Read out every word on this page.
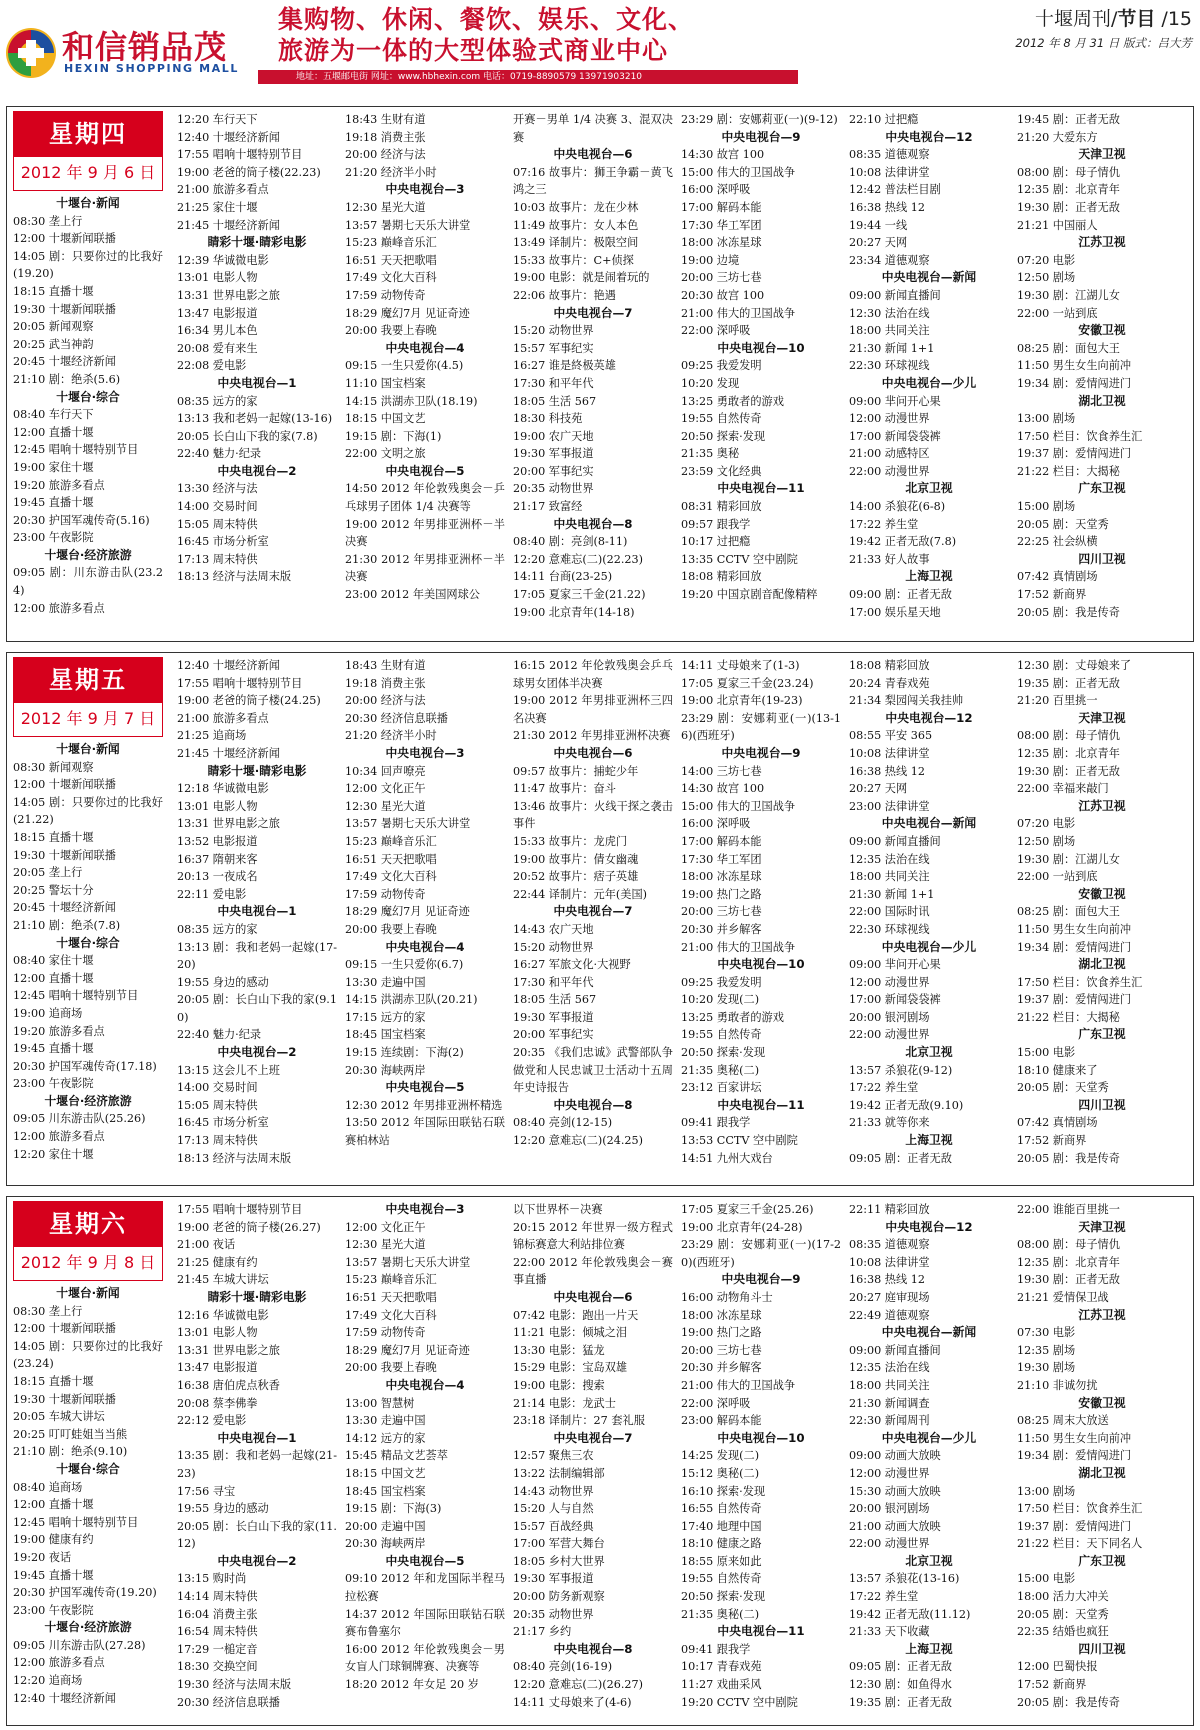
和信销品茂
HEXIN SHOPPING MALL
集购物、休闲、餐饮、娱乐、文化、
旅游为一体的大型体验式商业中心
地址：五堰邮电街 网址：www.hbhexin.com 电话：0719-8890579 13971903210
十堰周刊/节目 /15
2012 年 8 月 31 日 版式：吕大芳
星期四
2012 年 9 月 6 日
十堰台·新闻
08:30 垄上行
12:00 十堰新闻联播
14:05 剧：只要你过的比我好(19.20)
18:15 直播十堰
19:30 十堰新闻联播
20:05 新闻观察
20:25 武当神韵
20:45 十堰经济新闻
21:10 剧：绝杀(5.6)
十堰台·综合
08:40 车行天下
12:00 直播十堰
12:45 唱响十堰特别节目
19:00 家住十堰
19:20 旅游多看点
19:45 直播十堰
20:30 护国军魂传奇(5.16)
23:00 午夜影院
十堰台·经济旅游
09:05 剧：川东游击队(23.24)
12:00 旅游多看点
12:20 车行天下
12:40 十堰经济新闻
17:55 唱响十堰特别节目
19:00 老爸的筒子楼(22.23)
21:00 旅游多看点
21:25 家住十堰
21:45 十堰经济新闻
睛彩十堰·睛彩电影
12:39 华诚微电影
13:01 电影人物
13:31 世界电影之旅
13:47 电影报道
16:34 男儿本色
20:08 爱有来生
22:08 爱电影
中央电视台—1
08:35 远方的家
13:13 我和老妈一起嫁(13-16)
20:05 长白山下我的家(7.8)
22:40 魅力·纪录
中央电视台—2
13:30 经济与法
14:00 交易时间
15:05 周末特供
16:45 市场分析室
17:13 周末特供
18:13 经济与法周末版
18:43 生财有道
19:18 消费主张
20:00 经济与法
21:20 经济半小时
中央电视台—3
12:30 星光大道
13:57 暑期七天乐大讲堂
15:23 巅峰音乐汇
16:51 天天把歌唱
17:49 文化大百科
17:59 动物传奇
18:29 魔幻7月 见证奇迹
20:00 我要上春晚
中央电视台—4
09:15 一生只爱你(4.5)
11:10 国宝档案
14:15 洪湖赤卫队(18.19)
18:15 中国文艺
19:15 剧：下海(1)
22:00 文明之旅
中央电视台—5
14:50 2012 年伦敦残奥会－乒乓球男子团体 1/4 决赛等
19:00 2012 年男排亚洲杯－半决赛
21:30 2012 年男排亚洲杯－半决赛
23:00 2012 年美国网球公
开赛－男单 1/4 决赛 3、混双决赛
中央电视台—6
07:16 故事片：狮王争霸－黄飞鸿之三
10:03 故事片：龙在少林
11:49 故事片：女人本色
13:49 译制片：极限空间
15:33 故事片：C+侦探
19:00 电影：就是闹着玩的
22:06 故事片：艳遇
中央电视台—7
15:20 动物世界
15:57 军事纪实
16:27 谁是終极英雄
17:30 和平年代
18:05 生活 567
18:30 科技苑
19:00 农广天地
19:30 军事报道
20:00 军事纪实
20:35 动物世界
21:17 致富经
中央电视台—8
08:40 剧：亮剑(8-11)
12:20 意难忘(二)(22.23)
14:11 台商(23-25)
17:05 夏家三千金(21.22)
19:00 北京青年(14-18)
23:29 剧：安娜莉亚(一)(9-12)
中央电视台—9
14:30 故宫 100
15:00 伟大的卫国战争
16:00 深呼吸
17:00 解码本能
17:30 华工军团
18:00 冰冻星球
19:00 边境
20:00 三坊七巷
20:30 故宫 100
21:00 伟大的卫国战争
22:00 深呼吸
中央电视台—10
09:25 我爱发明
10:20 发现
13:25 勇敢者的游戏
19:55 自然传奇
20:50 探索·发现
21:35 奥秘
23:59 文化经典
中央电视台—11
08:31 精彩回放
09:57 跟我学
10:17 过把瘾
13:35 CCTV 空中剧院
18:08 精彩回放
19:20 中国京剧音配像精粹
22:10 过把瘾
中央电视台—12
08:35 道德观察
10:08 法律讲堂
12:42 普法栏目剧
16:38 热线 12
19:44 一线
20:27 天网
23:34 道德观察
中央电视台—新闻
09:00 新闻直播间
12:30 法治在线
18:00 共同关注
21:30 新闻 1+1
22:30 环球视线
中央电视台—少儿
09:00 芈问开心果
12:00 动漫世界
17:00 新闻袋袋裤
21:00 动感特区
22:00 动漫世界
北京卫视
14:00 杀狼花(6-8)
17:22 养生堂
19:42 正者无敌(7.8)
21:33 好人故事
上海卫视
09:00 剧：正者无敌
17:00 娱乐星天地
19:45 剧：正者无敌
21:20 大爱东方
天津卫视
08:00 剧：母子情仇
12:35 剧：北京青年
19:30 剧：正者无敌
21:21 中国丽人
江苏卫视
07:20 电影
12:50 剧场
19:30 剧：江湖儿女
22:00 一站到底
安徽卫视
08:25 剧：面包大王
11:50 男生女生向前冲
19:34 剧：爱情闯进门
湖北卫视
13:00 剧场
17:50 栏目：饮食养生汇
19:37 剧：爱情闯进门
21:22 栏目：大揭秘
广东卫视
15:00 剧场
20:05 剧：天堂秀
22:25 社会纵横
四川卫视
07:42 真情剧场
17:52 新商界
20:05 剧：我是传奇
星期五
2012 年 9 月 7 日
十堰台·新闻
08:30 新闻观察
12:00 十堰新闻联播
14:05 剧：只要你过的比我好(21.22)
18:15 直播十堰
19:30 十堰新闻联播
20:05 垄上行
20:25 警坛十分
20:45 十堰经济新闻
21:10 剧：绝杀(7.8)
十堰台·综合
08:40 家住十堰
12:00 直播十堰
12:45 唱响十堰特别节目
19:00 追商场
19:20 旅游多看点
19:45 直播十堰
20:30 护国军魂传奇(17.18)
23:00 午夜影院
十堰台·经济旅游
09:05 川东游击队(25.26)
12:00 旅游多看点
12:20 家住十堰
12:40 十堰经济新闻
17:55 唱响十堰特别节目
19:00 老爸的筒子楼(24.25)
21:00 旅游多看点
21:25 追商场
21:45 十堰经济新闻
睛彩十堰·睛彩电影
12:18 华诚微电影
13:01 电影人物
13:31 世界电影之旅
13:52 电影报道
16:37 隋朝来客
20:13 一夜成名
22:11 爱电影
中央电视台—1
08:35 远方的家
13:13 剧：我和老妈一起嫁(17-20)
19:55 身边的感动
20:05 剧：长白山下我的家(9.10)
22:40 魅力·纪录
中央电视台—2
13:15 这会儿不上班
14:00 交易时间
15:05 周末特供
16:45 市场分析室
17:13 周末特供
18:13 经济与法周末版
18:43 生财有道
19:18 消费主张
20:00 经济与法
20:30 经济信息联播
21:20 经济半小时
中央电视台—3
10:34 回声嘹亮
12:00 文化正午
12:30 星光大道
13:57 暑期七天乐大讲堂
15:23 巅峰音乐汇
16:51 天天把歌唱
17:49 文化大百科
17:59 动物传奇
18:29 魔幻7月 见证奇迹
20:00 我要上春晚
中央电视台—4
09:15 一生只爱你(6.7)
13:30 走遍中国
14:15 洪湖赤卫队(20.21)
17:15 远方的家
18:45 国宝档案
19:15 连续剧：下海(2)
20:30 海峡两岸
中央电视台—5
12:30 2012 年男排亚洲杯精选
13:50 2012 年国际田联钻石联赛柏林站
16:15 2012 年伦敦残奥会乒乓球男女团体半决赛
19:00 2012 年男排亚洲杯三四名决赛
21:30 2012 年男排亚洲杯决赛
中央电视台—6
09:57 故事片：捕蛇少年
11:47 故事片：奋斗
13:46 故事片：火线干探之袭击事件
15:33 故事片：龙虎门
19:00 故事片：倩女幽魂
20:52 故事片：痞子英雄
22:44 译制片：元年(美国)
中央电视台—7
14:43 农广天地
15:20 动物世界
16:27 军旅文化·大视野
17:30 和平年代
18:05 生活 567
19:30 军事报道
20:00 军事纪实
20:35 《我们忠诚》武警部队争做党和人民忠诚卫士活动十五周年史诗报告
中央电视台—8
08:40 亮剑(12-15)
12:20 意难忘(二)(24.25)
14:11 丈母娘来了(1-3)
17:05 夏家三千金(23.24)
19:00 北京青年(19-23)
23:29 剧：安娜莉亚(一)(13-16)(西班牙)
中央电视台—9
14:00 三坊七巷
14:30 故宫 100
15:00 伟大的卫国战争
16:00 深呼吸
17:00 解码本能
17:30 华工军团
18:00 冰冻星球
19:00 热门之路
20:00 三坊七巷
20:30 并乡解客
21:00 伟大的卫国战争
中央电视台—10
09:25 我爱发明
10:20 发现(二)
13:25 勇敢者的游戏
19:55 自然传奇
20:50 探索·发现
21:35 奥秘(二)
23:12 百家讲坛
中央电视台—11
09:41 跟我学
13:53 CCTV 空中剧院
14:51 九州大戏台
18:08 精彩回放
20:24 青春戏苑
21:34 梨园闯关我挂帅
中央电视台—12
08:55 平安 365
10:08 法律讲堂
16:38 热线 12
20:27 天网
23:00 法律讲堂
中央电视台—新闻
09:00 新闻直播间
12:35 法治在线
18:00 共同关注
21:30 新闻 1+1
22:00 国际时讯
22:30 环球视线
中央电视台—少儿
09:00 芈问开心果
12:00 动漫世界
17:00 新闻袋袋裤
20:00 银河剧场
22:00 动漫世界
北京卫视
13:57 杀狼花(9-12)
17:22 养生堂
19:42 正者无敌(9.10)
21:33 就等你来
上海卫视
09:05 剧：正者无敌
12:30 剧：丈母娘来了
19:35 剧：正者无敌
21:20 百里挑一
天津卫视
08:00 剧：母子情仇
12:35 剧：北京青年
19:30 剧：正者无敌
22:00 幸福来敲门
江苏卫视
07:20 电影
12:50 剧场
19:30 剧：江湖儿女
22:00 一站到底
安徽卫视
08:25 剧：面包大王
11:50 男生女生向前冲
19:34 剧：爱情闯进门
湖北卫视
17:50 栏目：饮食养生汇
19:37 剧：爱情闯进门
21:22 栏目：大揭秘
广东卫视
15:00 电影
18:10 健康来了
20:05 剧：天堂秀
四川卫视
07:42 真情剧场
17:52 新商界
20:05 剧：我是传奇
星期六
2012 年 9 月 8 日
十堰台·新闻
08:30 垄上行
12:00 十堰新闻联播
14:05 剧：只要你过的比我好(23.24)
18:15 直播十堰
19:30 十堰新闻联播
20:05 车城大讲坛
20:25 叮叮蛙姐当当熊
21:10 剧：绝杀(9.10)
十堰台·综合
08:40 追商场
12:00 直播十堰
12:45 唱响十堰特别节目
19:00 健康有约
19:20 夜话
19:45 直播十堰
20:30 护国军魂传奇(19.20)
23:00 午夜影院
十堰台·经济旅游
09:05 川东游击队(27.28)
12:00 旅游多看点
12:20 追商场
12:40 十堰经济新闻
17:55 唱响十堰特别节目
19:00 老爸的筒子楼(26.27)
21:00 夜话
21:25 健康有约
21:45 车城大讲坛
睛彩十堰·睛彩电影
12:16 华诚微电影
13:01 电影人物
13:31 世界电影之旅
13:47 电影报道
16:38 唐伯虎点秋香
20:08 蔡李佛拳
22:12 爱电影
中央电视台—1
13:35 剧：我和老妈一起嫁(21-23)
17:56 寻宝
19:55 身边的感动
20:05 剧：长白山下我的家(11.12)
中央电视台—2
13:15 购时尚
14:14 周末特供
16:04 消费主张
16:54 周末特供
17:29 一槌定音
18:30 交换空间
19:30 经济与法周末版
20:30 经济信息联播
中央电视台—3
12:00 文化正午
12:30 星光大道
13:57 暑期七天乐大讲堂
15:23 巅峰音乐汇
16:51 天天把歌唱
17:49 文化大百科
17:59 动物传奇
18:29 魔幻7月 见证奇迹
20:00 我要上春晚
中央电视台—4
13:00 智慧树
13:30 走遍中国
14:12 远方的家
15:45 精品文艺荟萃
18:15 中国文艺
18:45 国宝档案
19:15 剧：下海(3)
20:00 走遍中国
20:30 海峡两岸
中央电视台—5
09:10 2012 年和龙国际半程马拉松赛
14:37 2012 年国际田联钻石联赛布鲁塞尔
16:00 2012 年伦敦残奥会－男女盲人门球铜牌赛、决赛等
18:20 2012 年女足 20 岁
以下世界杯－决赛
20:15 2012 年世界一级方程式锦标赛意大利站排位赛
22:00 2012 年伦敦残奥会－赛事直播
中央电视台—6
07:42 电影：跑出一片天
11:21 电影：倾城之泪
13:30 电影：猛龙
15:29 电影：宝岛双雄
19:00 电影：搜索
21:14 电影：龙武士
23:18 译制片：27 套礼服
中央电视台—7
12:57 聚焦三农
13:22 法制编辑部
14:43 动物世界
15:20 人与自然
15:57 百战经典
17:00 军营大舞台
18:05 乡村大世界
19:30 军事报道
20:00 防务新观察
20:35 动物世界
21:17 乡约
中央电视台—8
08:40 亮剑(16-19)
12:20 意难忘(二)(26.27)
14:11 丈母娘来了(4-6)
17:05 夏家三千金(25.26)
19:00 北京青年(24-28)
23:29 剧：安娜莉亚(一)(17-20)(西班牙)
中央电视台—9
16:00 动物角斗士
18:00 冰冻星球
19:00 热门之路
20:00 三坊七巷
20:30 并乡解客
21:00 伟大的卫国战争
22:00 深呼吸
23:00 解码本能
中央电视台—10
14:25 发现(二)
15:12 奥秘(二)
16:10 探索·发现
16:55 自然传奇
17:40 地理中国
18:10 健康之路
18:55 原来如此
19:55 自然传奇
20:50 探索·发现
21:35 奥秘(二)
中央电视台—11
09:41 跟我学
10:17 青春戏苑
11:27 戏曲采风
19:20 CCTV 空中剧院
22:11 精彩回放
中央电视台—12
08:35 道德观察
10:08 法律讲堂
16:38 热线 12
20:27 庭审现场
22:49 道德观察
中央电视台—新闻
09:00 新闻直播间
12:35 法治在线
18:00 共同关注
21:30 新闻调查
22:30 新闻周刊
中央电视台—少儿
09:00 动画大放映
12:00 动漫世界
15:30 动画大放映
20:00 银河剧场
21:00 动画大放映
22:00 动漫世界
北京卫视
13:57 杀狼花(13-16)
17:22 养生堂
19:42 正者无敌(11.12)
21:33 天下收藏
上海卫视
09:05 剧：正者无敌
12:30 剧：如鱼得水
19:35 剧：正者无敌
22:00 谁能百里挑一
天津卫视
08:00 剧：母子情仇
12:35 剧：北京青年
19:30 剧：正者无敌
21:21 爱情保卫战
江苏卫视
07:30 电影
12:35 剧场
19:30 剧场
21:10 非诚勿扰
安徽卫视
08:25 周末大放送
11:50 男生女生向前冲
19:34 剧：爱情闯进门
湖北卫视
13:00 剧场
17:50 栏目：饮食养生汇
19:37 剧：爱情闯进门
21:22 栏目：天下同名人
广东卫视
15:00 电影
18:00 活力大冲关
20:05 剧：天堂秀
22:35 结婚也疯狂
四川卫视
12:00 巴蜀快报
17:52 新商界
20:05 剧：我是传奇
